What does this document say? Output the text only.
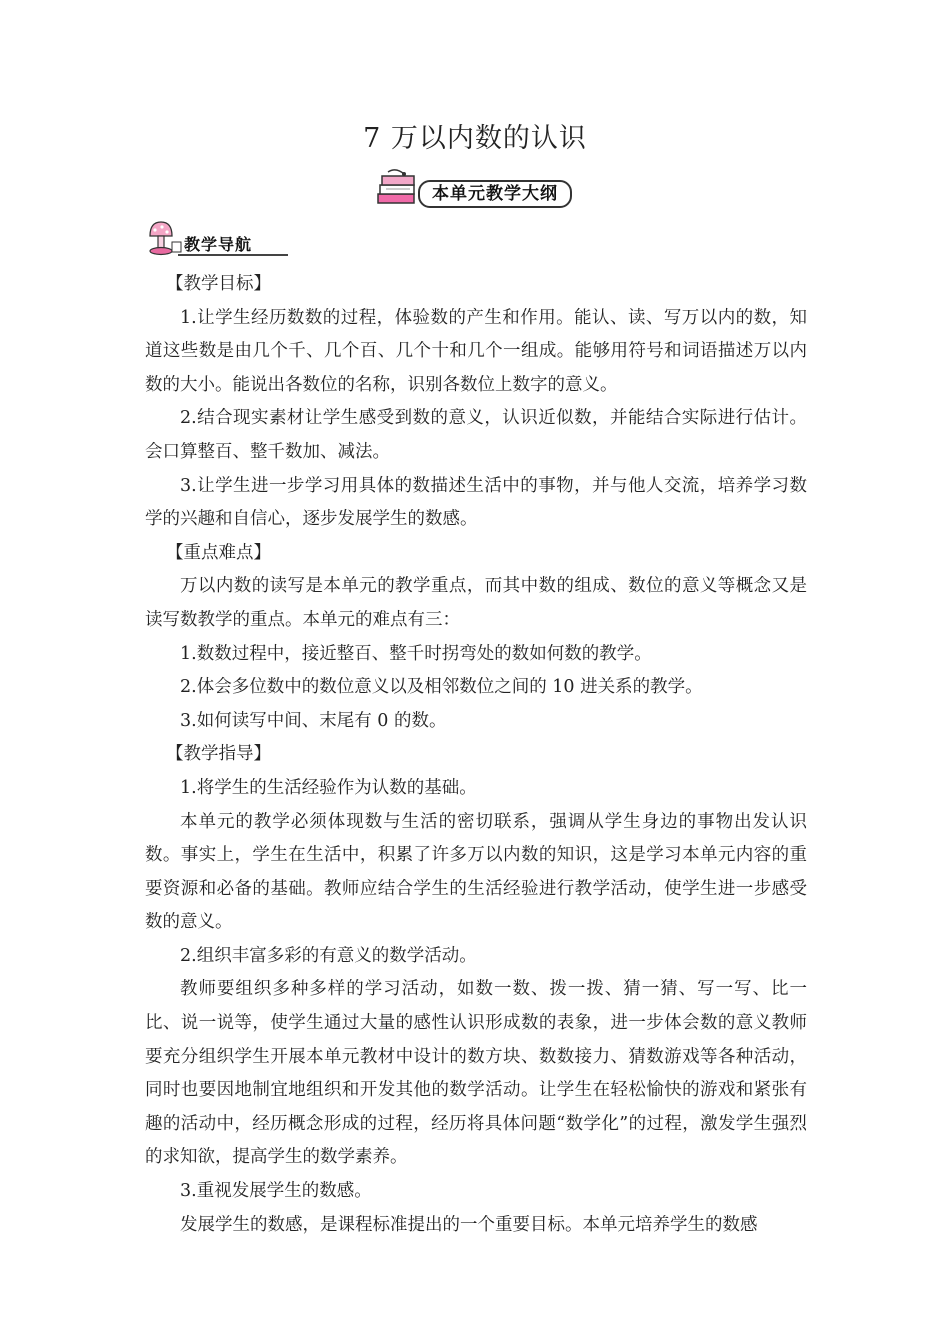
7 万以内数的认识
本单元教学大纲
教学导航

【教学目标】

1.让学生经历数数的过程，体验数的产生和作用。能认、读、写万以内的数，知道这些数是由几个千、几个百、几个十和几个一组成。能够用符号和词语描述万以内数的大小。能说出各数位的名称，识别各数位上数字的意义。

2.结合现实素材让学生感受到数的意义，认识近似数，并能结合实际进行估计。会口算整百、整千数加、减法。

3.让学生进一步学习用具体的数描述生活中的事物，并与他人交流，培养学习数学的兴趣和自信心，逐步发展学生的数感。

【重点难点】

万以内数的读写是本单元的教学重点，而其中数的组成、数位的意义等概念又是读写数教学的重点。本单元的难点有三：

1.数数过程中，接近整百、整千时拐弯处的数如何数的教学。

2.体会多位数中的数位意义以及相邻数位之间的 10 进关系的教学。

3.如何读写中间、末尾有 0 的数。

【教学指导】

1.将学生的生活经验作为认数的基础。

本单元的教学必须体现数与生活的密切联系，强调从学生身边的事物出发认识数。事实上，学生在生活中，积累了许多万以内数的知识，这是学习本单元内容的重要资源和必备的基础。教师应结合学生的生活经验进行教学活动，使学生进一步感受数的意义。

2.组织丰富多彩的有意义的数学活动。

教师要组织多种多样的学习活动，如数一数、拨一拨、猜一猜、写一写、比一比、说一说等，使学生通过大量的感性认识形成数的表象，进一步体会数的意义教师要充分组织学生开展本单元教材中设计的数方块、数数接力、猜数游戏等各种活动，同时也要因地制宜地组织和开发其他的数学活动。让学生在轻松愉快的游戏和紧张有趣的活动中，经历概念形成的过程，经历将具体问题“数学化”的过程，激发学生强烈的求知欲，提高学生的数学素养。

3.重视发展学生的数感。

发展学生的数感，是课程标准提出的一个重要目标。本单元培养学生的数感
